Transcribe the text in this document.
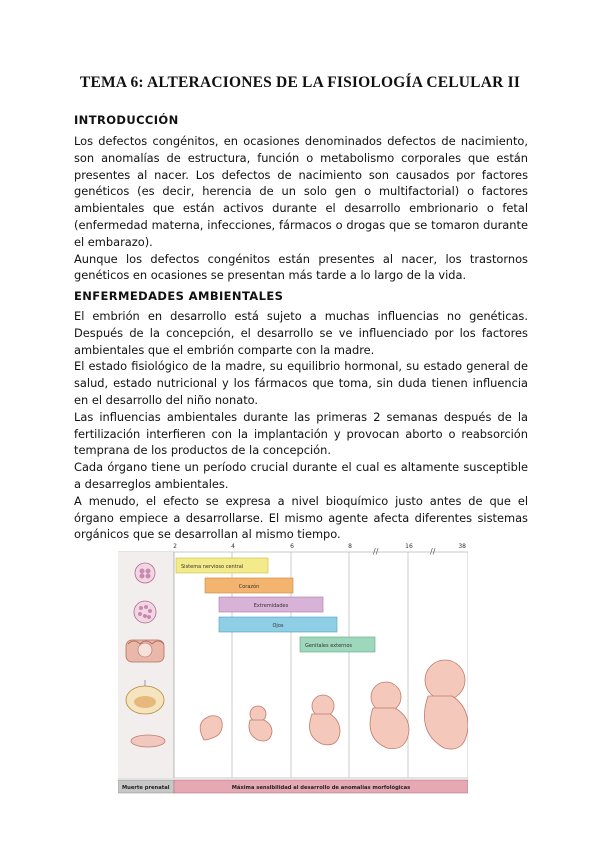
TEMA 6: ALTERACIONES DE LA FISIOLOGÍA CELULAR II
INTRODUCCIÓN

Los defectos congénitos, en ocasiones denominados defectos de nacimiento, son anomalías de estructura, función o metabolismo corporales que están presentes al nacer. Los defectos de nacimiento son causados por factores genéticos (es decir, herencia de un solo gen o multifactorial) o factores ambientales que están activos durante el desarrollo embrionario o fetal (enfermedad materna, infecciones, fármacos o drogas que se tomaron durante el embarazo).

Aunque los defectos congénitos están presentes al nacer, los trastornos genéticos en ocasiones se presentan más tarde a lo largo de la vida.

ENFERMEDADES AMBIENTALES

El embrión en desarrollo está sujeto a muchas influencias no genéticas. Después de la concepción, el desarrollo se ve influenciado por los factores ambientales que el embrión comparte con la madre.

El estado fisiológico de la madre, su equilibrio hormonal, su estado general de salud, estado nutricional y los fármacos que toma, sin duda tienen influencia en el desarrollo del niño nonato.

Las influencias ambientales durante las primeras 2 semanas después de la fertilización interfieren con la implantación y provocan aborto o reabsorción temprana de los productos de la concepción.

Cada órgano tiene un período crucial durante el cual es altamente susceptible a desarreglos ambientales.

A menudo, el efecto se expresa a nivel bioquímico justo antes de que el órgano empiece a desarrollarse. El mismo agente afecta diferentes sistemas orgánicos que se desarrollan al mismo tiempo.

2	4	6	8	16	38
//	//
Sistema nervioso central
Corazón
Extremidades
Ojos
Genitales externos
Muerte prenatal	Máxima sensibilidad al desarrollo de anomalías morfológicas
